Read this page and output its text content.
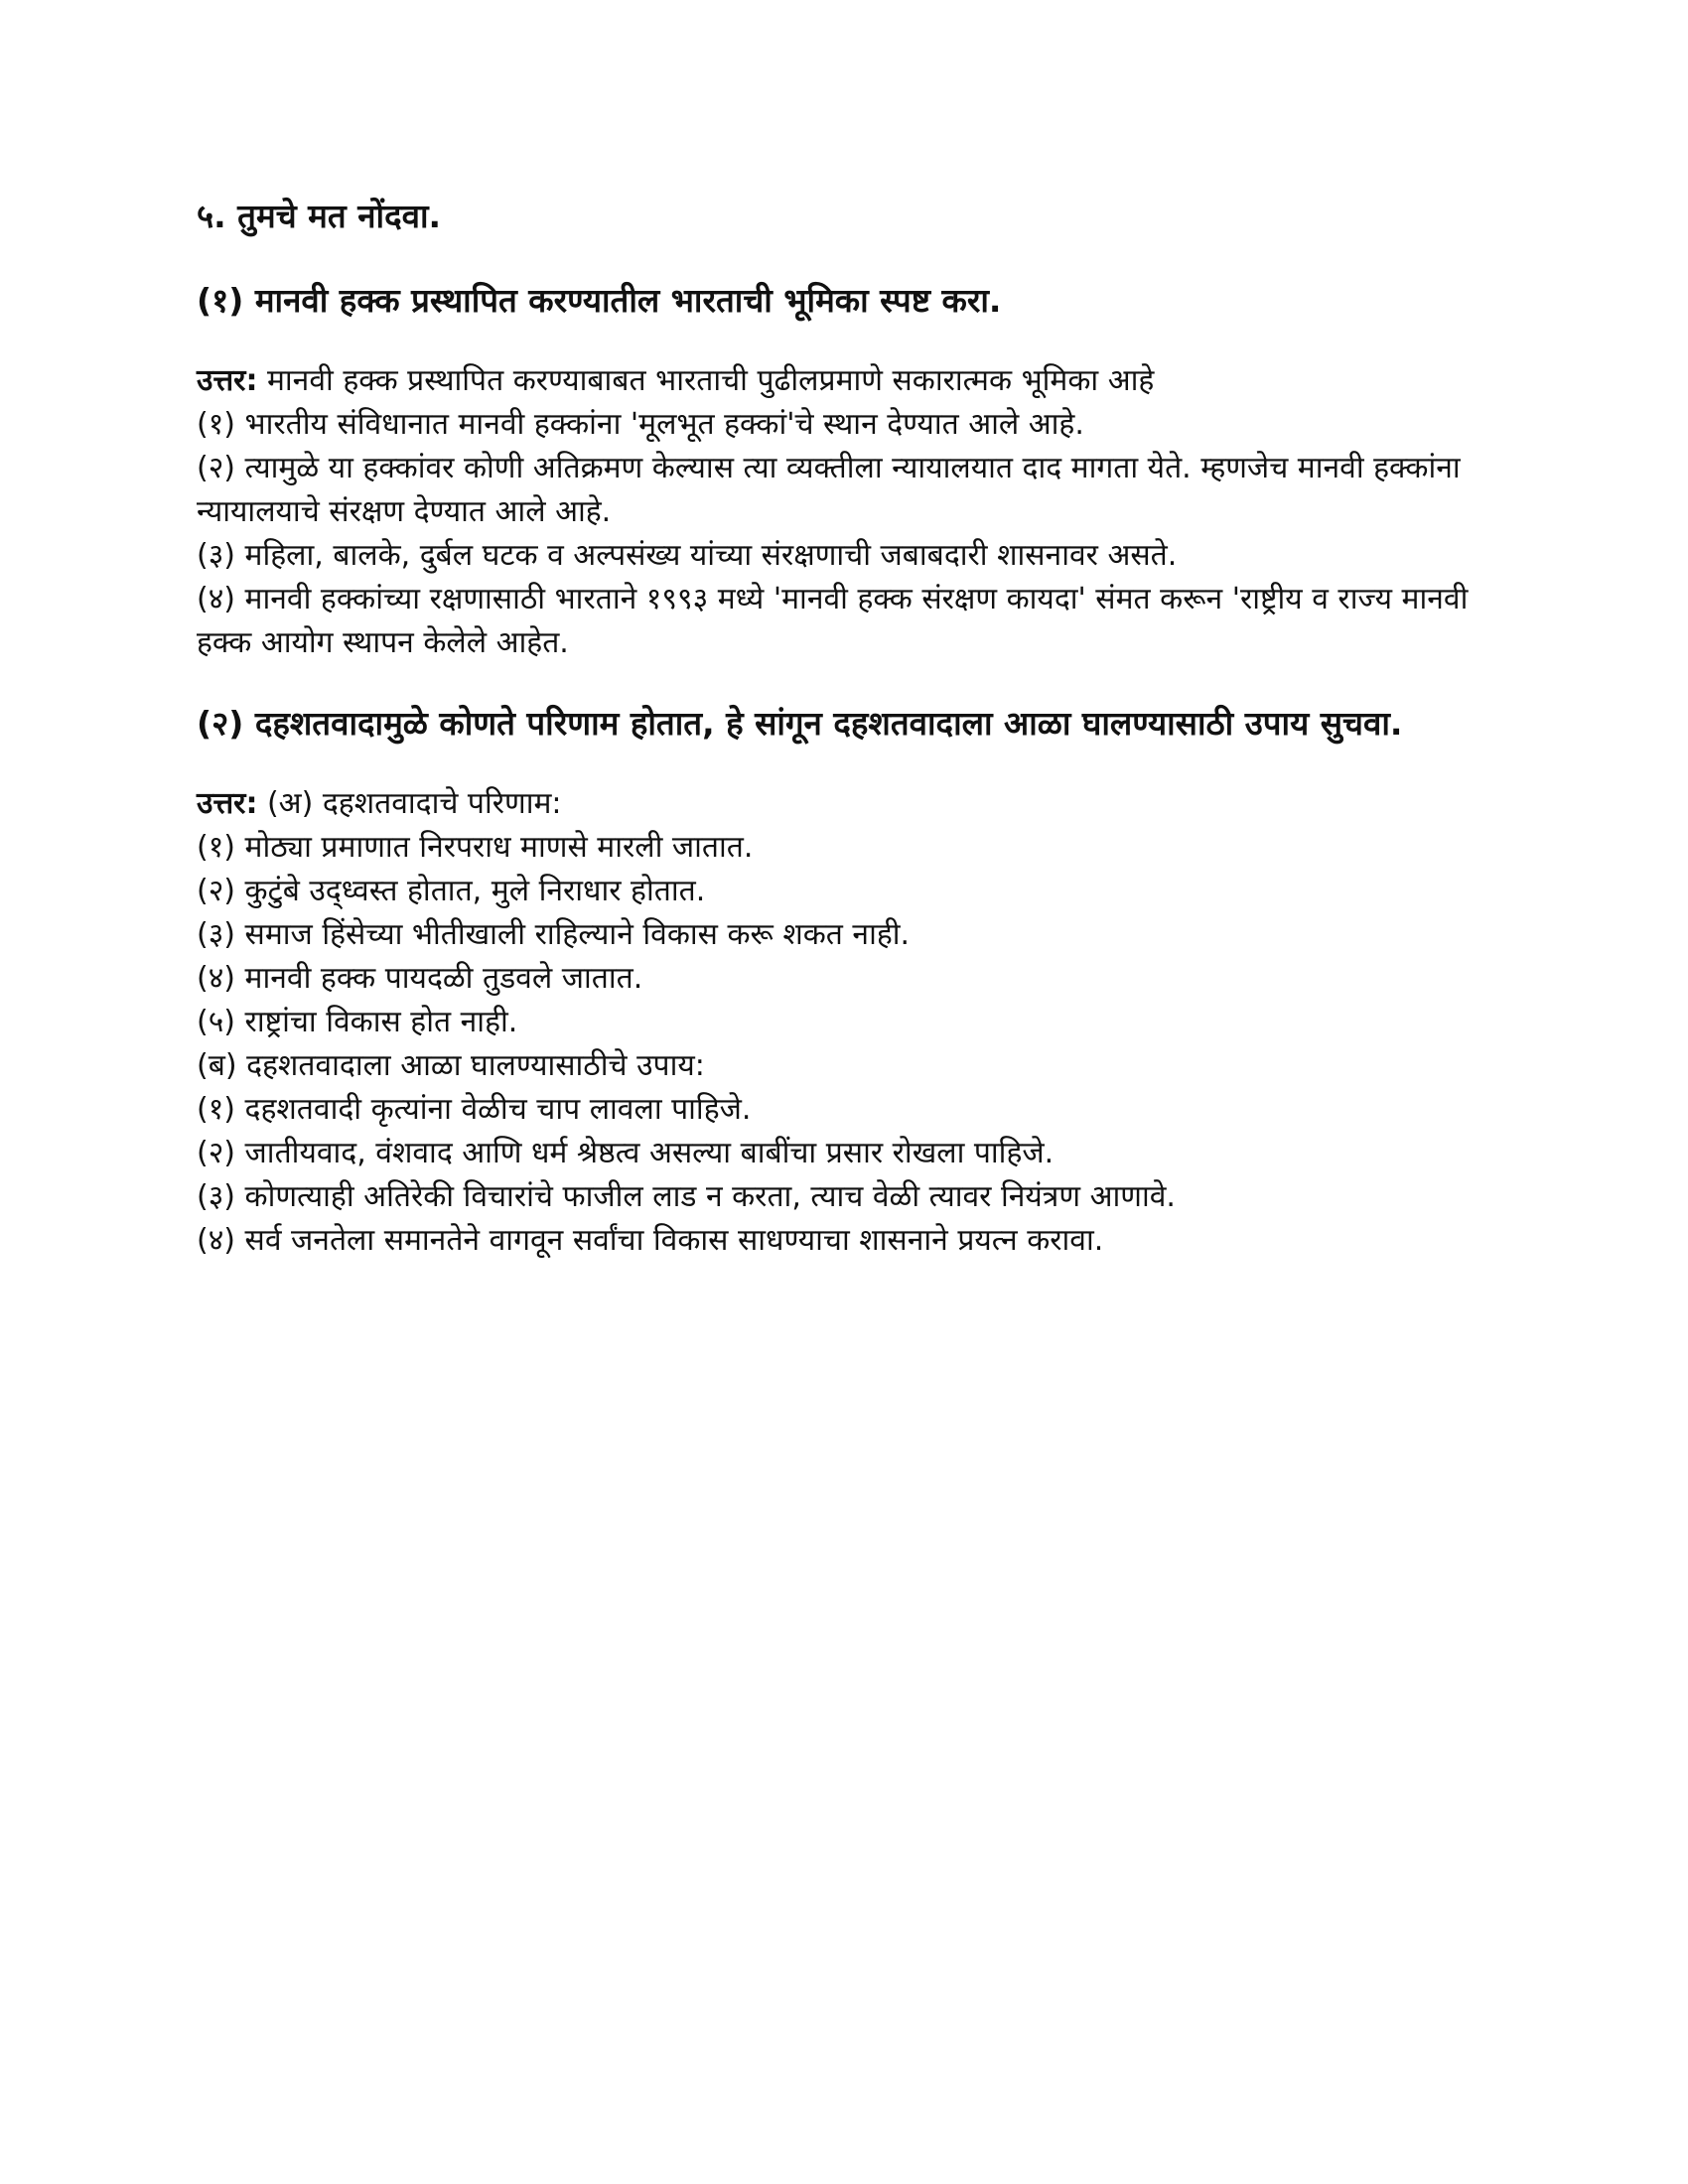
५. तुमचे मत नोंदवा.
(१) मानवी हक्क प्रस्थापित करण्यातील भारताची भूमिका स्पष्ट करा.
उत्तर: मानवी हक्क प्रस्थापित करण्याबाबत भारताची पुढीलप्रमाणे सकारात्मक भूमिका आहे
(१) भारतीय संविधानात मानवी हक्कांना 'मूलभूत हक्कां'चे स्थान देण्यात आले आहे.
(२) त्यामुळे या हक्कांवर कोणी अतिक्रमण केल्यास त्या व्यक्तीला न्यायालयात दाद मागता येते. म्हणजेच मानवी हक्कांना न्यायालयाचे संरक्षण देण्यात आले आहे.
(३) महिला, बालके, दुर्बल घटक व अल्पसंख्य यांच्या संरक्षणाची जबाबदारी शासनावर असते.
(४) मानवी हक्कांच्या रक्षणासाठी भारताने १९९३ मध्ये 'मानवी हक्क संरक्षण कायदा' संमत करून 'राष्ट्रीय व राज्य मानवी हक्क आयोग स्थापन केलेले आहेत.
(२) दहशतवादामुळे कोणते परिणाम होतात, हे सांगून दहशतवादाला आळा घालण्यासाठी उपाय सुचवा.
उत्तर: (अ) दहशतवादाचे परिणाम:
(१) मोठ्या प्रमाणात निरपराध माणसे मारली जातात.
(२) कुटुंबे उद्‌ध्वस्त होतात, मुले निराधार होतात.
(३) समाज हिंसेच्या भीतीखाली राहिल्याने विकास करू शकत नाही.
(४) मानवी हक्क पायदळी तुडवले जातात.
(५) राष्ट्रांचा विकास होत नाही.
(ब) दहशतवादाला आळा घालण्यासाठीचे उपाय:
(१) दहशतवादी कृत्यांना वेळीच चाप लावला पाहिजे.
(२) जातीयवाद, वंशवाद आणि धर्म श्रेष्ठत्व असल्या बाबींचा प्रसार रोखला पाहिजे.
(३) कोणत्याही अतिरेकी विचारांचे फाजील लाड न करता, त्याच वेळी त्यावर नियंत्रण आणावे.
(४) सर्व जनतेला समानतेने वागवून सर्वांचा विकास साधण्याचा शासनाने प्रयत्न करावा.
